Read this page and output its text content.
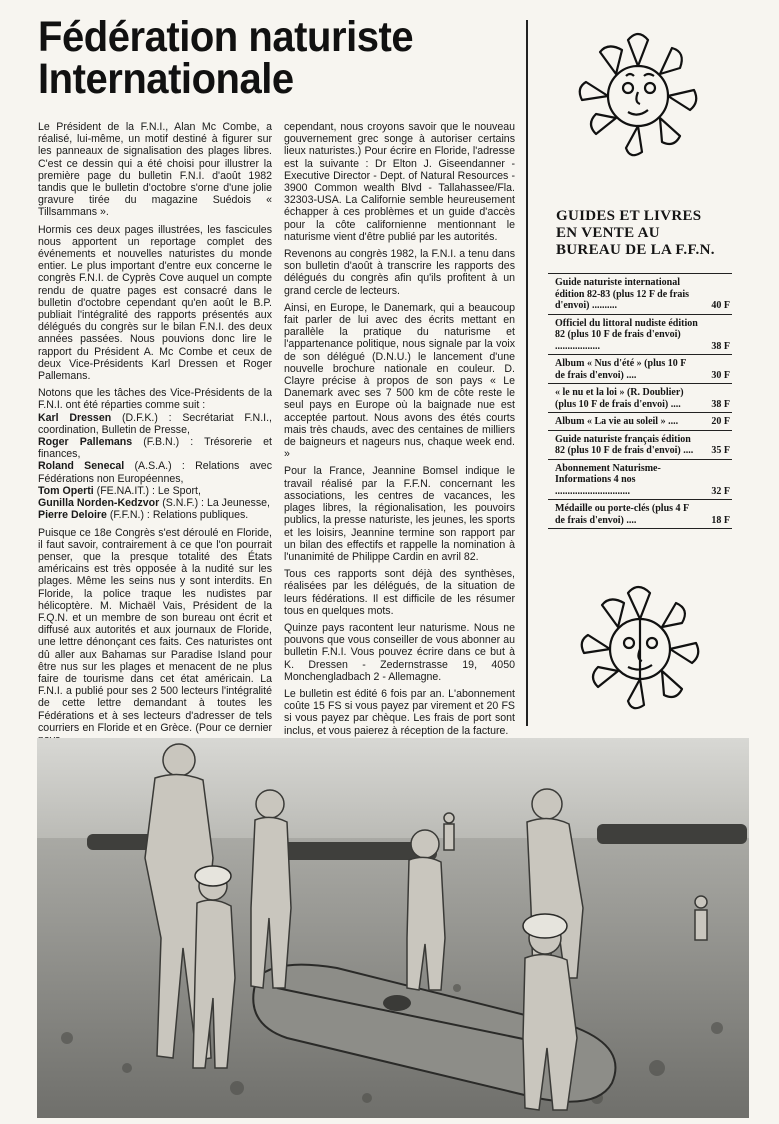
Fédération naturiste
Internationale

Le Président de la F.N.I., Alan Mc Combe, a réalisé, lui-même, un motif destiné à figurer sur les panneaux de signalisation des plages libres. C'est ce dessin qui a été choisi pour illustrer la première page du bulletin F.N.I. d'août 1982 tandis que le bulletin d'octobre s'orne d'une jolie gravure tirée du magazine Suédois « Tillsammans ».

Hormis ces deux pages illustrées, les fascicules nous apportent un reportage complet des événements et nouvelles naturistes du monde entier. Le plus important d'entre eux concerne le congrès F.N.I. de Cyprès Cove auquel un compte rendu de quatre pages est consacré dans le bulletin d'octobre cependant qu'en août le B.P. publiait l'intégralité des rapports présentés aux délégués du congrès sur le bilan F.N.I. des deux années passées. Nous pouvions donc lire le rapport du Président A. Mc Combe et ceux de deux Vice-Présidents Karl Dressen et Roger Pallemans.

Notons que les tâches des Vice-Présidents de la F.N.I. ont été réparties comme suit :

Karl Dressen (D.F.K.) : Secrétariat F.N.I., coordination, Bulletin de Presse,
Roger Pallemans (F.B.N.) : Trésorerie et finances,
Roland Senecal (A.S.A.) : Relations avec Fédérations non Européennes,
Tom Operti (FE.NA.IT.) : Le Sport,
Gunilla Norden-Kedzvor (S.N.F.) : La Jeunesse,
Pierre Deloire (F.F.N.) : Relations publiques.

Puisque ce 18e Congrès s'est déroulé en Floride, il faut savoir, contrairement à ce que l'on pourrait penser, que la presque totalité des États américains est très opposée à la nudité sur les plages. Même les seins nus y sont interdits. En Floride, la police traque les nudistes par hélicoptère. M. Michaël Vais, Président de la F.Q.N. et un membre de son bureau ont écrit et diffusé aux autorités et aux journaux de Floride, une lettre dénonçant ces faits. Ces naturistes ont dû aller aux Bahamas sur Paradise Island pour être nus sur les plages et menacent de ne plus faire de tourisme dans cet état américain. La F.N.I. a publié pour ses 2 500 lecteurs l'intégralité de cette lettre demandant à toutes les Fédérations et à ses lecteurs d'adresser de tels courriers en Floride et en Grèce. (Pour ce dernier

cependant, nous croyons savoir que le nouveau gouvernement grec songe à autoriser certains lieux naturistes.) Pour écrire en Floride, l'adresse est la suivante : Dr Elton J. Giseendanner - Executive Director - Dept. of Natural Resources - 3900 Common wealth Blvd - Tallahassee/Fla. 32303-USA. La Californie semble heureusement échapper à ces problèmes et un guide d'accès pour la côte californienne mentionnant le naturisme vient d'être publié par les autorités.

Revenons au congrès 1982, la F.N.I. a tenu dans son bulletin d'août à transcrire les rapports des délégués du congrès afin qu'ils profitent à un grand cercle de lecteurs.

Ainsi, en Europe, le Danemark, qui a beaucoup fait parler de lui avec des écrits mettant en parallèle la pratique du naturisme et l'appartenance politique, nous signale par la voix de son délégué (D.N.U.) le lancement d'une nouvelle brochure nationale en couleur. D. Clayre précise à propos de son pays « Le Danemark avec ses 7 500 km de côte reste le seul pays en Europe où la baignade nue est acceptée partout. Nous avons des étés courts mais très chauds, avec des centaines de milliers de baigneurs et nageurs nus, chaque week end. »

Pour la France, Jeannine Bomsel indique le travail réalisé par la F.F.N. concernant les associations, les centres de vacances, les plages libres, la régionalisation, les pouvoirs publics, la presse naturiste, les jeunes, les sports et les loisirs, Jeannine termine son rapport par un bilan des effectifs et rappelle la nomination à l'unanimité de Philippe Cardin en avril 82.

Tous ces rapports sont déjà des synthèses, réalisées par les délégués, de la situation de leurs fédérations. Il est difficile de les résumer tous en quelques mots.

Quinze pays racontent leur naturisme. Nous ne pouvons que vous conseiller de vous abonner au bulletin F.N.I. Vous pouvez écrire dans ce but à K. Dressen - Zedernstrasse 19, 4050 Monchengladbach 2 - Allemagne.

Le bulletin est édité 6 fois par an. L'abonnement coûte 15 FS si vous payez par virement et 20 FS si vous payez par chèque. Les frais de port sont inclus, et vous paierez à réception de la facture.

GUIDES ET LIVRES
EN VENTE AU
BUREAU DE LA F.F.N.
Guide naturiste international édition 82-83 (plus 12 F de frais d'envoi) ..........	40 F
Officiel du littoral nudiste édition 82 (plus 10 F de frais d'envoi) ..................	38 F
Album « Nus d'été » (plus 10 F de frais d'envoi) ....	30 F
« le nu et la loi » (R. Doublier) (plus 10 F de frais d'envoi) ....	38 F
Album « La vie au soleil » ....	20 F
Guide naturiste français édition 82 (plus 10 F de frais d'envoi) ....	35 F
Abonnement Naturisme-Informations 4 nos ..............................	32 F
Médaille ou porte-clés (plus 4 F de frais d'envoi) ....	18 F
